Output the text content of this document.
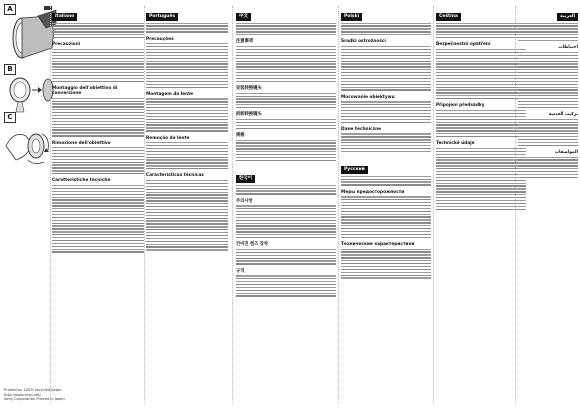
A
B
C
Printed on 100% recycled paper
http://www.sony.net/
Sony Corporation Printed in Japan
Italiano
Precauzioni
Montaggio dell'obiettivo di conversione
Rimozione dell'obiettivo
Caratteristiche tecniche
Português
Precauções
Montagem da lente
Remoção da lente
Características técnicas
中文
注意事项
安装转换镜头
拆卸转换镜头
规格
한국어
주의사항
컨버전 렌즈 장착
규격
Polski
Środki ostrożności
Mocowanie obiektywu
Dane techniczne
Русский
Меры предосторожности
Технические характеристики
Čeština
Bezpečnostní opatření
Připojení předsádky
Technické údaje
العربية
احتياطات
تركيب العدسة
المواصفات
